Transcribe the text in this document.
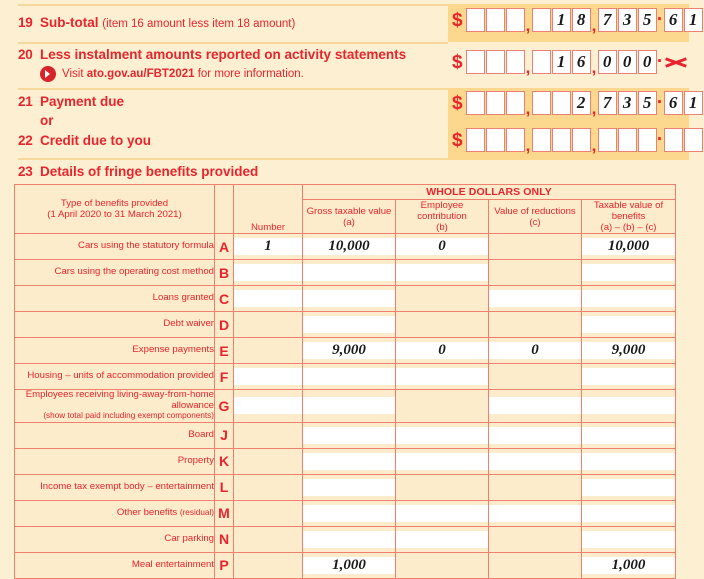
19 Sub-total (item 16 amount less item 18 amount)	$	,	1 8 , 7 3 5 · 6 1
20 Less instalment amounts reported on activity statements
Visit ato.gov.au/FBT2021 for more information.
$	,	1 6 , 0 0 0 ·
21 Payment due
or
$	,	2 , 7 3 5 · 6 1
22 Credit due to you	$	,	,	·
23 Details of fringe benefits provided
Type of benefits provided
(1 April 2020 to 31 March 2021)		Number	WHOLE DOLLARS ONLY			

Gross taxable value
(a)

Employee contribution
(b)

Value of reductions
(c)

Taxable value of benefits
(a) – (b) – (c)

Cars using the statutory formula	A	1	10,000	0		10,000

Cars using the operating cost method	B	

Loans granted	C	

Debt waiver	D	

Expense payments	E		9,000	0	0	9,000

Housing – units of accommodation provided	F	

Employees receiving living-away-from-home allowance
(show total paid including exempt components)	G	

Board	J	

Property	K	

Income tax exempt body – entertainment	L	

Other benefits (residual)	M	

Car parking	N	

Meal entertainment	P		1,000			1,000
